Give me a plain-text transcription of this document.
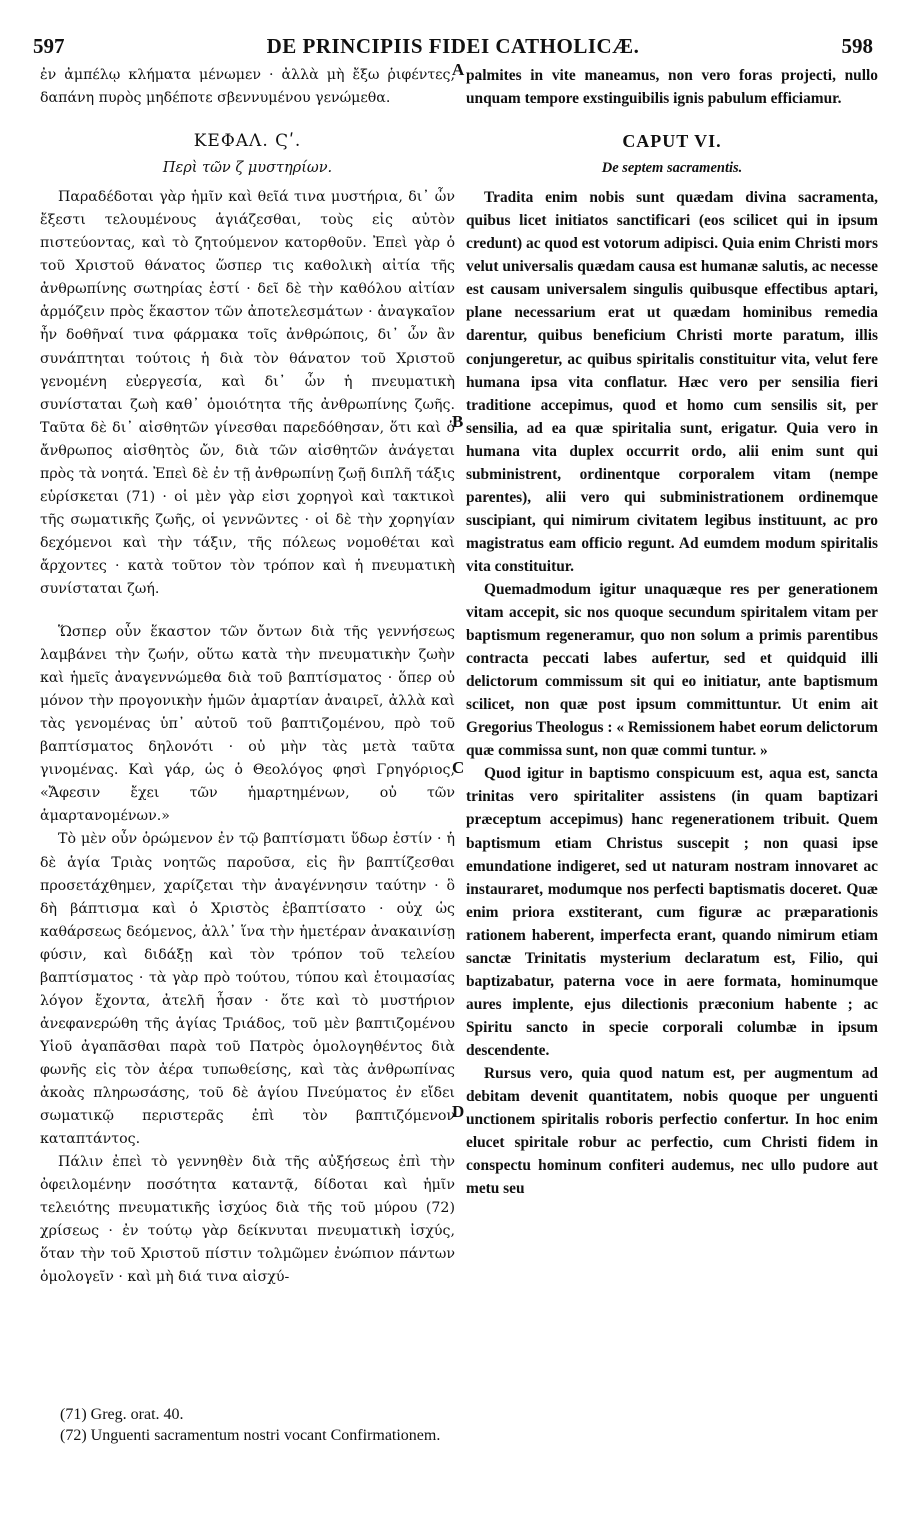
597	DE PRINCIPIIS FIDEI CATHOLICÆ.	598

ἐν ἀμπέλῳ κλήματα μένωμεν · ἀλλὰ μὴ ἔξω ῥιφέντες, δαπάνη πυρὸς μηδέποτε σβεννυμένου γενώμεθα.

ΚΕΦΑΛ. Ϛʹ.
Περὶ τῶν ζ μυστηρίων.

Παραδέδοται γὰρ ἡμῖν καὶ θεῖά τινα μυστήρια, δι᾽ ὧν ἔξεστι τελουμένους ἁγιάζεσθαι, τοὺς εἰς αὐτὸν πιστεύοντας, καὶ τὸ ζητούμενον κατορθοῦν. Ἐπεὶ γὰρ ὁ τοῦ Χριστοῦ θάνατος ὥσπερ τις καθολικὴ αἰτία τῆς ἀνθρωπίνης σωτηρίας ἐστί · δεῖ δὲ τὴν καθόλου αἰτίαν ἁρμόζειν πρὸς ἕκαστον τῶν ἀποτελεσμάτων · ἀναγκαῖον ἦν δοθῆναί τινα φάρμακα τοῖς ἀνθρώποις, δι᾽ ὧν ἂν συνάπτηται τούτοις ἡ διὰ τὸν θάνατον τοῦ Χριστοῦ γενομένη εὐεργεσία, καὶ δι᾽ ὧν ἡ πνευματικὴ συνίσταται ζωὴ καθ᾽ ὁμοιότητα τῆς ἀνθρωπίνης ζωῆς. Ταῦτα δὲ δι᾽ αἰσθητῶν γίνεσθαι παρεδόθησαν, ὅτι καὶ ὁ ἄνθρωπος αἰσθητὸς ὤν, διὰ τῶν αἰσθητῶν ἀνάγεται πρὸς τὰ νοητά. Ἐπεὶ δὲ ἐν τῇ ἀνθρωπίνῃ ζωῇ διπλῆ τάξις εὑρίσκεται (71) · οἱ μὲν γὰρ εἰσι χορηγοὶ καὶ τακτικοὶ τῆς σωματικῆς ζωῆς, οἱ γεννῶντες · οἱ δὲ τὴν χορηγίαν δεχόμενοι καὶ τὴν τάξιν, τῆς πόλεως νομοθέται καὶ ἄρχοντες · κατὰ τοῦτον τὸν τρόπον καὶ ἡ πνευματικὴ συνίσταται ζωή.

Ὥσπερ οὖν ἕκαστον τῶν ὄντων διὰ τῆς γεννήσεως λαμβάνει τὴν ζωήν, οὕτω κατὰ τὴν πνευματικὴν ζωὴν καὶ ἡμεῖς ἀναγεννώμεθα διὰ τοῦ βαπτίσματος · ὅπερ οὐ μόνον τὴν προγονικὴν ἡμῶν ἁμαρτίαν ἀναιρεῖ, ἀλλὰ καὶ τὰς γενομένας ὑπ᾽ αὐτοῦ τοῦ βαπτιζομένου, πρὸ τοῦ βαπτίσματος δηλονότι · οὐ μὴν τὰς μετὰ ταῦτα γινομένας. Καὶ γάρ, ὡς ὁ Θεολόγος φησὶ Γρηγόριος, «Ἄφεσιν ἔχει τῶν ἡμαρτημένων, οὐ τῶν ἁμαρτανομένων.»

Τὸ μὲν οὖν ὁρώμενον ἐν τῷ βαπτίσματι ὕδωρ ἐστίν · ἡ δὲ ἁγία Τριὰς νοητῶς παροῦσα, εἰς ἣν βαπτίζεσθαι προσετάχθημεν, χαρίζεται τὴν ἀναγέννησιν ταύτην · ὃ δὴ βάπτισμα καὶ ὁ Χριστὸς ἐβαπτίσατο · οὐχ ὡς καθάρσεως δεόμενος, ἀλλ᾽ ἵνα τὴν ἡμετέραν ἀνακαινίσῃ φύσιν, καὶ διδάξῃ καὶ τὸν τρόπον τοῦ τελείου βαπτίσματος · τὰ γὰρ πρὸ τούτου, τύπου καὶ ἑτοιμασίας λόγον ἔχοντα, ἀτελῆ ἦσαν · ὅτε καὶ τὸ μυστήριον ἀνεφανερώθη τῆς ἁγίας Τριάδος, τοῦ μὲν βαπτιζομένου Υἱοῦ ἀγαπᾶσθαι παρὰ τοῦ Πατρὸς ὁμολογηθέντος διὰ φωνῆς εἰς τὸν ἀέρα τυπωθείσης, καὶ τὰς ἀνθρωπίνας ἀκοὰς πληρωσάσης, τοῦ δὲ ἁγίου Πνεύματος ἐν εἴδει σωματικῷ περιστερᾶς ἐπὶ τὸν βαπτιζόμενον καταπτάντος.

Πάλιν ἐπεὶ τὸ γεννηθὲν διὰ τῆς αὐξήσεως ἐπὶ τὴν ὀφειλομένην ποσότητα καταντᾷ, δίδοται καὶ ἡμῖν τελειότης πνευματικῆς ἰσχύος διὰ τῆς τοῦ μύρου (72) χρίσεως · ἐν τούτῳ γὰρ δείκνυται πνευματικὴ ἰσχύς, ὅταν τὴν τοῦ Χριστοῦ πίστιν τολμῶμεν ἐνώπιον πάντων ὁμολογεῖν · καὶ μὴ διά τινα αἰσχύ-

A
B
C
D

palmites in vite maneamus, non vero foras projecti, nullo unquam tempore exstinguibilis ignis pabulum efficiamur.

CAPUT VI.
De septem sacramentis.

Tradita enim nobis sunt quædam divina sacramenta, quibus licet initiatos sanctificari (eos scilicet qui in ipsum credunt) ac quod est votorum adipisci. Quia enim Christi mors velut universalis quædam causa est humanæ salutis, ac necesse est causam universalem singulis quibusque effectibus aptari, plane necessarium erat ut quædam hominibus remedia darentur, quibus beneficium Christi morte paratum, illis conjungeretur, ac quibus spiritalis constituitur vita, velut fere humana ipsa vita conflatur. Hæc vero per sensilia fieri traditione accepimus, quod et homo cum sensilis sit, per sensilia, ad ea quæ spiritalia sunt, erigatur. Quia vero in humana vita duplex occurrit ordo, alii enim sunt qui subministrent, ordinentque corporalem vitam (nempe parentes), alii vero qui subministrationem ordinemque suscipiant, qui nimirum civitatem legibus instituunt, ac pro magistratus eam officio regunt. Ad eumdem modum spiritalis vita constituitur.

Quemadmodum igitur unaquæque res per generationem vitam accepit, sic nos quoque secundum spiritalem vitam per baptismum regeneramur, quo non solum a primis parentibus contracta peccati labes aufertur, sed et quidquid illi delictorum commissum sit qui eo initiatur, ante baptismum scilicet, non quæ post ipsum committuntur. Ut enim ait Gregorius Theologus : « Remissionem habet eorum delictorum quæ commissa sunt, non quæ commi tuntur. »

Quod igitur in baptismo conspicuum est, aqua est, sancta trinitas vero spiritaliter assistens (in quam baptizari præceptum accepimus) hanc regenerationem tribuit. Quem baptismum etiam Christus suscepit ; non quasi ipse emundatione indigeret, sed ut naturam nostram innovaret ac instauraret, modumque nos perfecti baptismatis doceret. Quæ enim priora exstiterant, cum figuræ ac præparationis rationem haberent, imperfecta erant, quando nimirum etiam sanctæ Trinitatis mysterium declaratum est, Filio, qui baptizabatur, paterna voce in aere formata, hominumque aures implente, ejus dilectionis præconium habente ; ac Spiritu sancto in specie corporali columbæ in ipsum descendente.

Rursus vero, quia quod natum est, per augmentum ad debitam devenit quantitatem, nobis quoque per unguenti unctionem spiritalis roboris perfectio confertur. In hoc enim elucet spiritale robur ac perfectio, cum Christi fidem in conspectu hominum confiteri audemus, nec ullo pudore aut metu seu

(71) Greg. orat. 40.
(72) Unguenti sacramentum nostri vocant Confirmationem.
